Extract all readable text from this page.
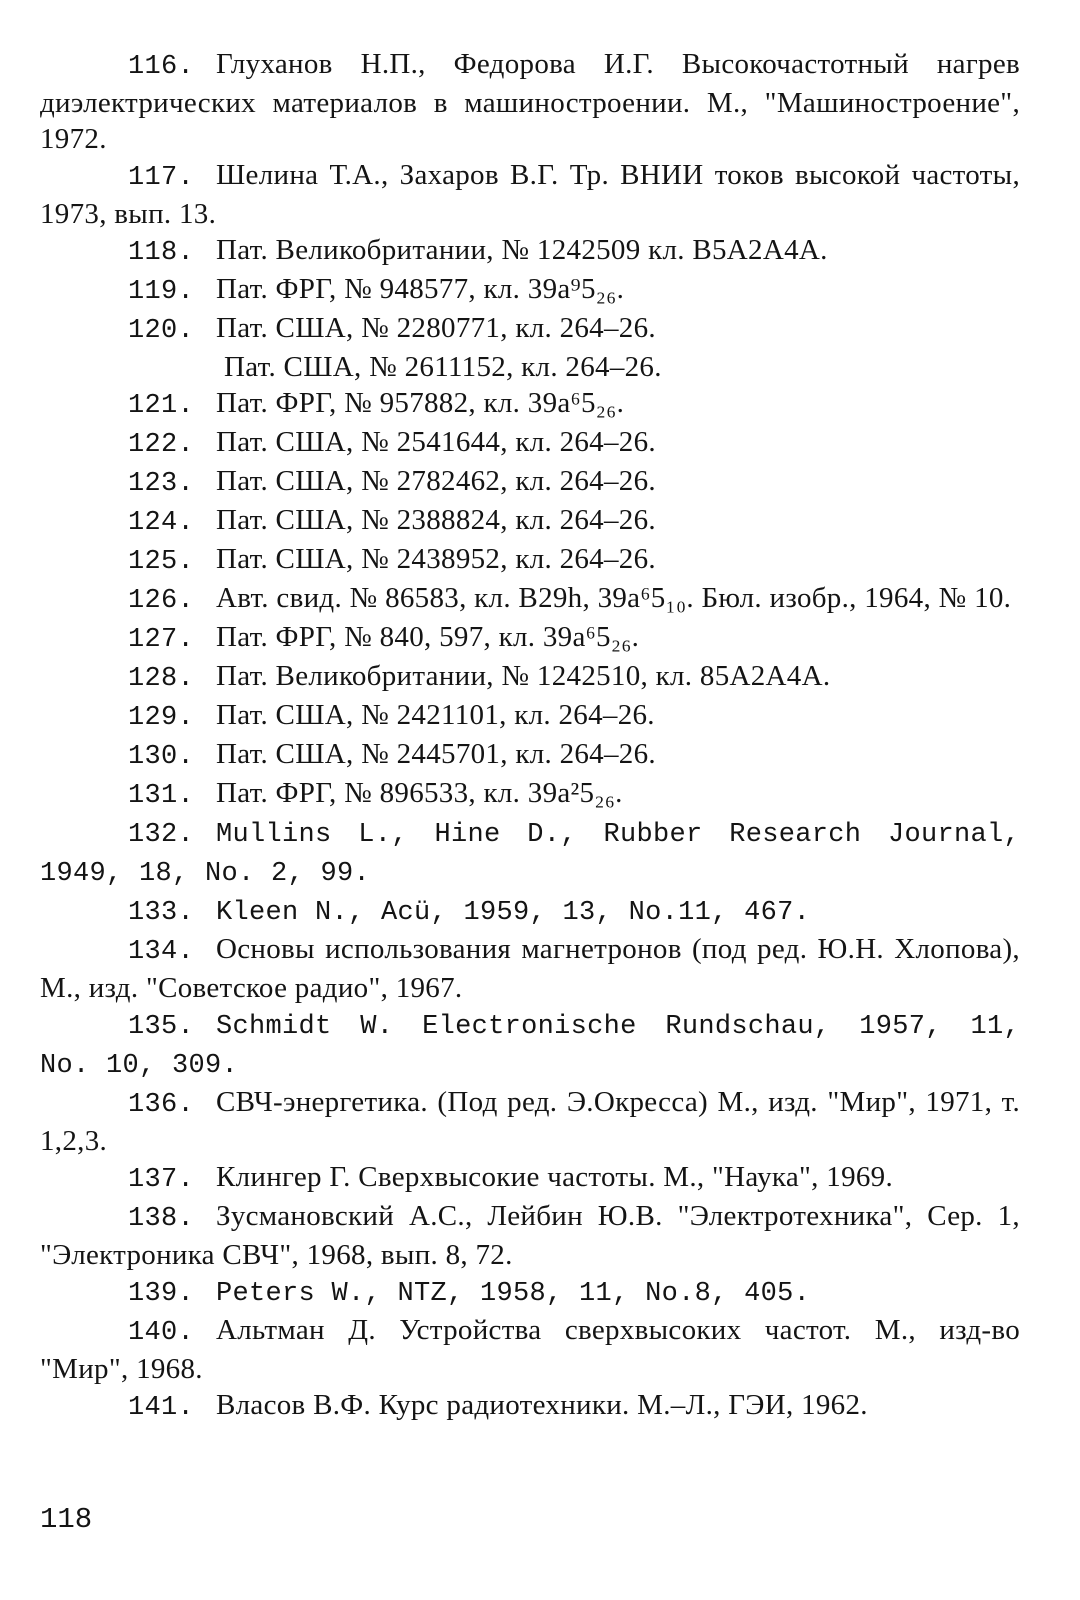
116. Глуханов Н.П., Федорова И.Г. Высокочастотный нагрев диэлектрических материалов в машиностроении. М., "Машиностроение", 1972.
117. Шелина Т.А., Захаров В.Г. Тр. ВНИИ токов высокой частоты, 1973, вып. 13.
118. Пат. Великобритании, № 1242509 кл. В5А2А4А.
119. Пат. ФРГ, № 948577, кл. 39а⁹5₂₆.
120. Пат. США, № 2280771, кл. 264–26.
Пат. США, № 2611152, кл. 264–26.
121. Пат. ФРГ, № 957882, кл. 39а⁶5₂₆.
122. Пат. США, № 2541644, кл. 264–26.
123. Пат. США, № 2782462, кл. 264–26.
124. Пат. США, № 2388824, кл. 264–26.
125. Пат. США, № 2438952, кл. 264–26.
126. Авт. свид. № 86583, кл. В29h, 39а⁶5₁₀. Бюл. изобр., 1964, № 10.
127. Пат. ФРГ, № 840, 597, кл. 39а⁶5₂₆.
128. Пат. Великобритании, № 1242510, кл. 85А2А4А.
129. Пат. США, № 2421101, кл. 264–26.
130. Пат. США, № 2445701, кл. 264–26.
131. Пат. ФРГ, № 896533, кл. 39а²5₂₆.
132. Mullins L., Hine D., Rubber Research Journal, 1949, 18, No. 2, 99.
133. Kleen N., Acü, 1959, 13, No.11, 467.
134. Основы использования магнетронов (под ред. Ю.Н. Хлопова), М., изд. "Советское радио", 1967.
135. Schmidt W. Electronische Rundschau, 1957, 11, No. 10, 309.
136. СВЧ-энергетика. (Под ред. Э.Окресса) М., изд. "Мир", 1971, т. 1,2,3.
137. Клингер Г. Сверхвысокие частоты. М., "Наука", 1969.
138. Зусмановский А.С., Лейбин Ю.В. "Электротехника", Сер. 1, "Электроника СВЧ", 1968, вып. 8, 72.
139. Peters W., NTZ, 1958, 11, No.8, 405.
140. Альтман Д. Устройства сверхвысоких частот. М., изд-во "Мир", 1968.
141. Власов В.Ф. Курс радиотехники. М.–Л., ГЭИ, 1962.
118
